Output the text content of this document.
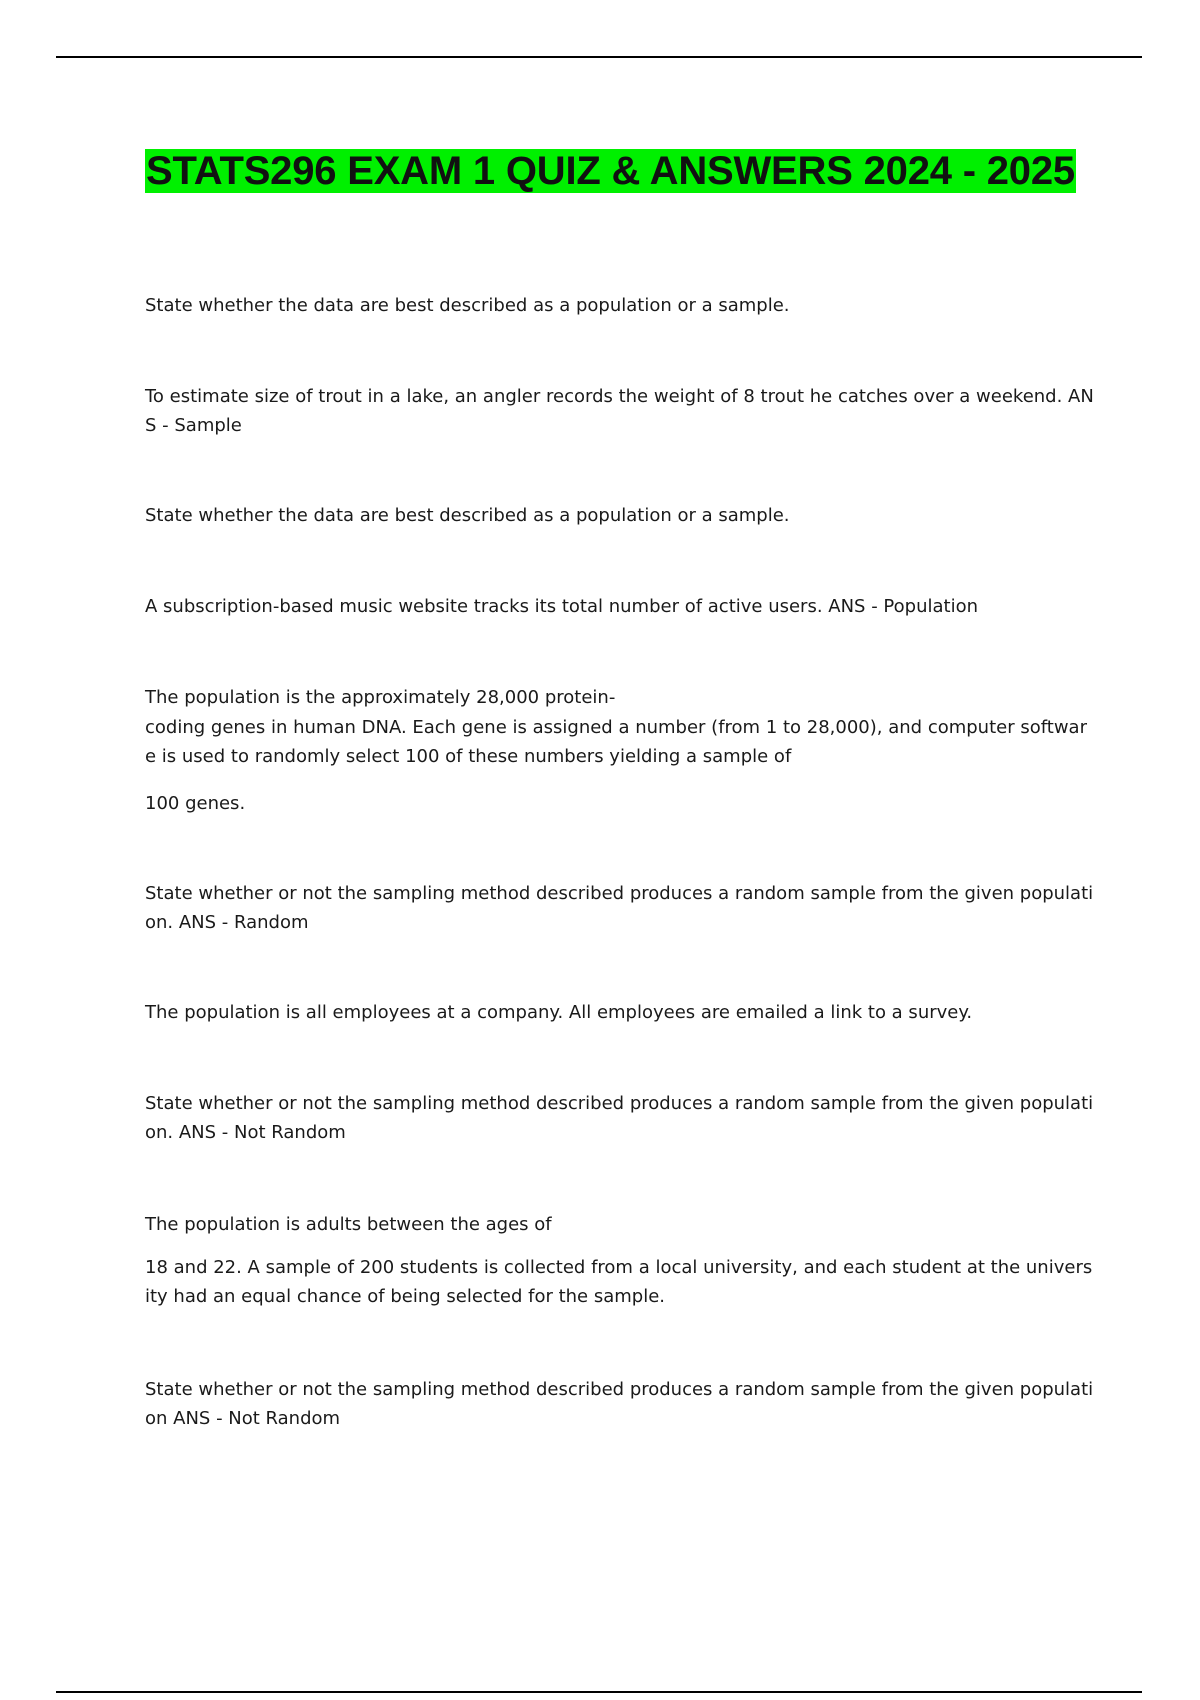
STATS296 EXAM 1 QUIZ & ANSWERS 2024 - 2025

State whether the data are best described as a population or a sample.

To estimate size of trout in a lake, an angler records the weight of 8 trout he catches over a weekend. ANS - Sample

State whether the data are best described as a population or a sample.

A subscription-based music website tracks its total number of active users. ANS - Population

The population is the approximately 28,000 protein-

coding genes in human DNA. Each gene is assigned a number (from 1 to 28,000), and computer software is used to randomly select 100 of these numbers yielding a sample of

100 genes.

State whether or not the sampling method described produces a random sample from the given population. ANS - Random

The population is all employees at a company. All employees are emailed a link to a survey.

State whether or not the sampling method described produces a random sample from the given population. ANS - Not Random

The population is adults between the ages of

18 and 22. A sample of 200 students is collected from a local university, and each student at the university had an equal chance of being selected for the sample.

State whether or not the sampling method described produces a random sample from the given population ANS - Not Random
